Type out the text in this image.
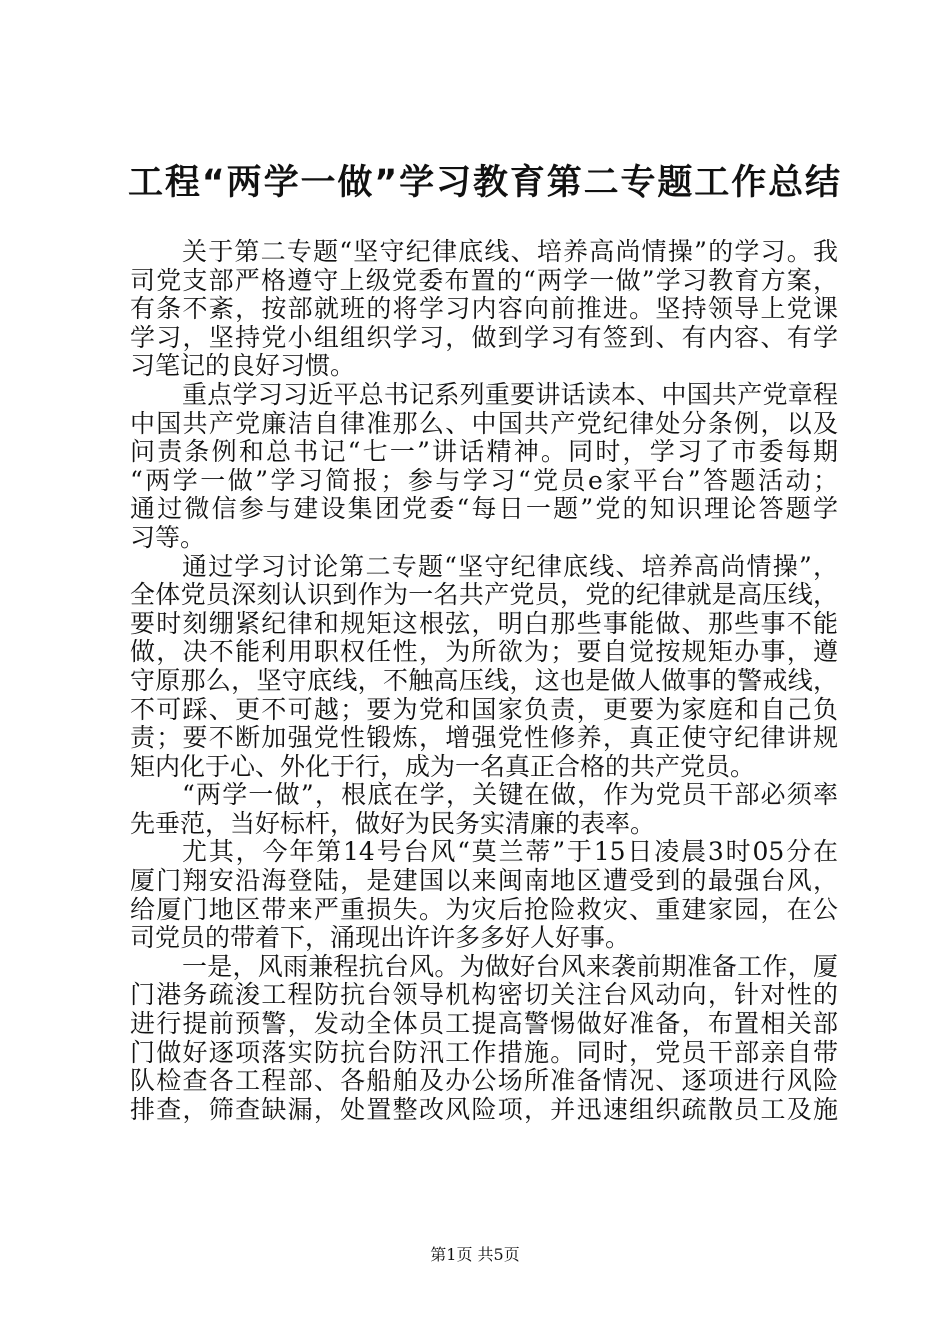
工程“两学一做”学习教育第二专题工作总结
关于第二专题“坚守纪律底线、培养高尚情操”的学习。我
司党支部严格遵守上级党委布置的“两学一做”学习教育方案，
有条不紊，按部就班的将学习内容向前推进。坚持领导上党课
学习，坚持党小组组织学习，做到学习有签到、有内容、有学
习笔记的良好习惯。
重点学习习近平总书记系列重要讲话读本、中国共产党章程
中国共产党廉洁自律准那么、中国共产党纪律处分条例，以及
问责条例和总书记“七一”讲话精神。同时，学习了市委每期
“两学一做”学习简报；参与学习“党员e家平台”答题活动；
通过微信参与建设集团党委“每日一题”党的知识理论答题学
习等。
通过学习讨论第二专题“坚守纪律底线、培养高尚情操”，
全体党员深刻认识到作为一名共产党员，党的纪律就是高压线，
要时刻绷紧纪律和规矩这根弦，明白那些事能做、那些事不能
做，决不能利用职权任性，为所欲为；要自觉按规矩办事，遵
守原那么，坚守底线，不触高压线，这也是做人做事的警戒线，
不可踩、更不可越；要为党和国家负责，更要为家庭和自己负
责；要不断加强党性锻炼，增强党性修养，真正使守纪律讲规
矩内化于心、外化于行，成为一名真正合格的共产党员。
“两学一做”，根底在学，关键在做，作为党员干部必须率
先垂范，当好标杆，做好为民务实清廉的表率。
尤其，今年第14号台风“莫兰蒂”于15日凌晨3时05分在
厦门翔安沿海登陆，是建国以来闽南地区遭受到的最强台风，
给厦门地区带来严重损失。为灾后抢险救灾、重建家园，在公
司党员的带着下，涌现出许许多多好人好事。
一是，风雨兼程抗台风。为做好台风来袭前期准备工作，厦
门港务疏浚工程防抗台领导机构密切关注台风动向，针对性的
进行提前预警，发动全体员工提高警惕做好准备，布置相关部
门做好逐项落实防抗台防汛工作措施。同时，党员干部亲自带
队检查各工程部、各船舶及办公场所准备情况、逐项进行风险
排查，筛查缺漏，处置整改风险项，并迅速组织疏散员工及施
第1页 共5页
